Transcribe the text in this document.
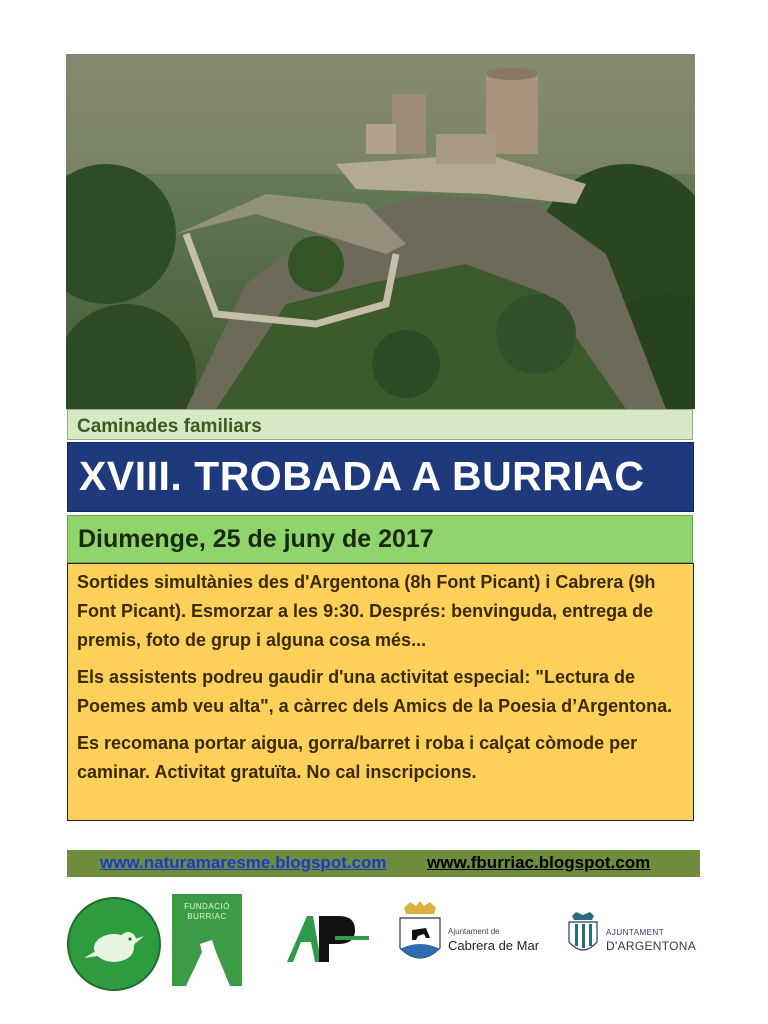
Caminades familiars
XVIII. TROBADA A BURRIAC
Diumenge, 25 de juny de 2017

Sortides simultànies des d'Argentona (8h Font Picant) i Cabrera (9h Font Picant). Esmorzar a les 9:30. Després: benvinguda, entrega de premis, foto de grup i alguna cosa més...

Els assistents podreu gaudir d'una activitat especial: "Lectura de Poemes amb veu alta", a càrrec dels Amics de la Poesia d’Argentona.

Es recomana portar aigua, gorra/barret i roba i calçat còmode per caminar. Activitat gratuïta. No cal inscripcions.

www.naturamaresme.blogspot.com www.fburriac.blogspot.com
FUNDACIÓ
BURRIAC
Ajuntament de
Cabrera de Mar
AJUNTAMENT
D'ARGENTONA
